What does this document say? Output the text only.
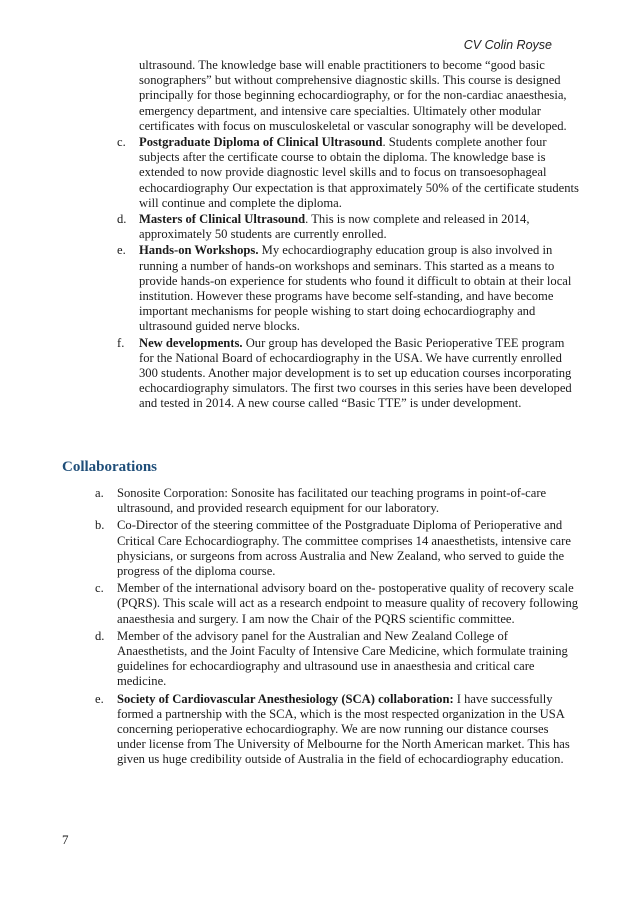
CV Colin Royse
ultrasound. The knowledge base will enable practitioners to become “good basic sonographers” but without comprehensive diagnostic skills. This course is designed principally for those beginning echocardiography, or for the non-cardiac anaesthesia, emergency department, and intensive care specialties. Ultimately other modular certificates with focus on musculoskeletal or vascular sonography will be developed.
c. Postgraduate Diploma of Clinical Ultrasound. Students complete another four subjects after the certificate course to obtain the diploma. The knowledge base is extended to now provide diagnostic level skills and to focus on transoesophageal echocardiography Our expectation is that approximately 50% of the certificate students will continue and complete the diploma.
d. Masters of Clinical Ultrasound. This is now complete and released in 2014, approximately 50 students are currently enrolled.
e. Hands-on Workshops. My echocardiography education group is also involved in running a number of hands-on workshops and seminars. This started as a means to provide hands-on experience for students who found it difficult to obtain at their local institution. However these programs have become self-standing, and have become important mechanisms for people wishing to start doing echocardiography and ultrasound guided nerve blocks.
f. New developments. Our group has developed the Basic Perioperative TEE program for the National Board of echocardiography in the USA. We have currently enrolled 300 students. Another major development is to set up education courses incorporating echocardiography simulators. The first two courses in this series have been developed and tested in 2014. A new course called “Basic TTE” is under development.
Collaborations
a. Sonosite Corporation: Sonosite has facilitated our teaching programs in point-of-care ultrasound, and provided research equipment for our laboratory.
b. Co-Director of the steering committee of the Postgraduate Diploma of Perioperative and Critical Care Echocardiography. The committee comprises 14 anaesthetists, intensive care physicians, or surgeons from across Australia and New Zealand, who served to guide the progress of the diploma course.
c. Member of the international advisory board on the- postoperative quality of recovery scale (PQRS). This scale will act as a research endpoint to measure quality of recovery following anaesthesia and surgery. I am now the Chair of the PQRS scientific committee.
d. Member of the advisory panel for the Australian and New Zealand College of Anaesthetists, and the Joint Faculty of Intensive Care Medicine, which formulate training guidelines for echocardiography and ultrasound use in anaesthesia and critical care medicine.
e. Society of Cardiovascular Anesthesiology (SCA) collaboration: I have successfully formed a partnership with the SCA, which is the most respected organization in the USA concerning perioperative echocardiography. We are now running our distance courses under license from The University of Melbourne for the North American market. This has given us huge credibility outside of Australia in the field of echocardiography education.
7
